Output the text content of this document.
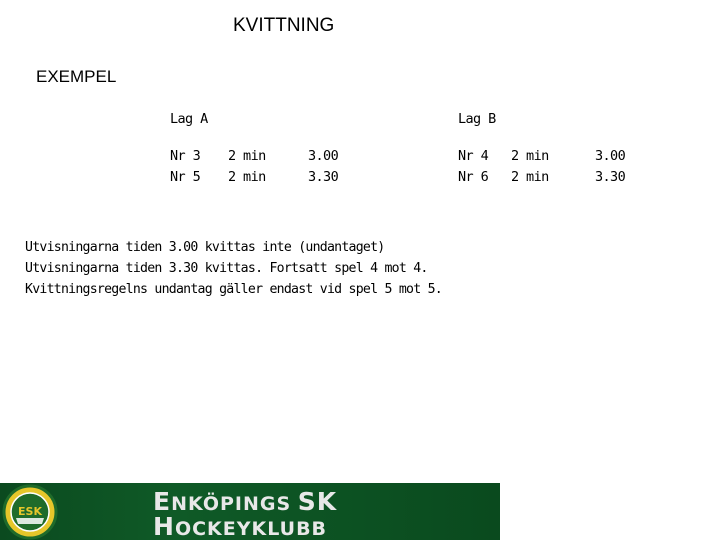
KVITTNING
EXEMPEL
Lag A
Nr 3 2 min	3.00
Nr 5 2 min	3.30
Lag B
Nr 4 2 min	3.00
Nr 6 2 min	3.30
Utvisningarna tiden 3.00 kvittas inte (undantaget)
Utvisningarna tiden 3.30 kvittas. Fortsatt spel 4 mot 4.
Kvittningsregelns undantag gäller endast vid spel 5 mot 5.
ESK	ENKÖPINGS SK
HOCKEYKLUBB
